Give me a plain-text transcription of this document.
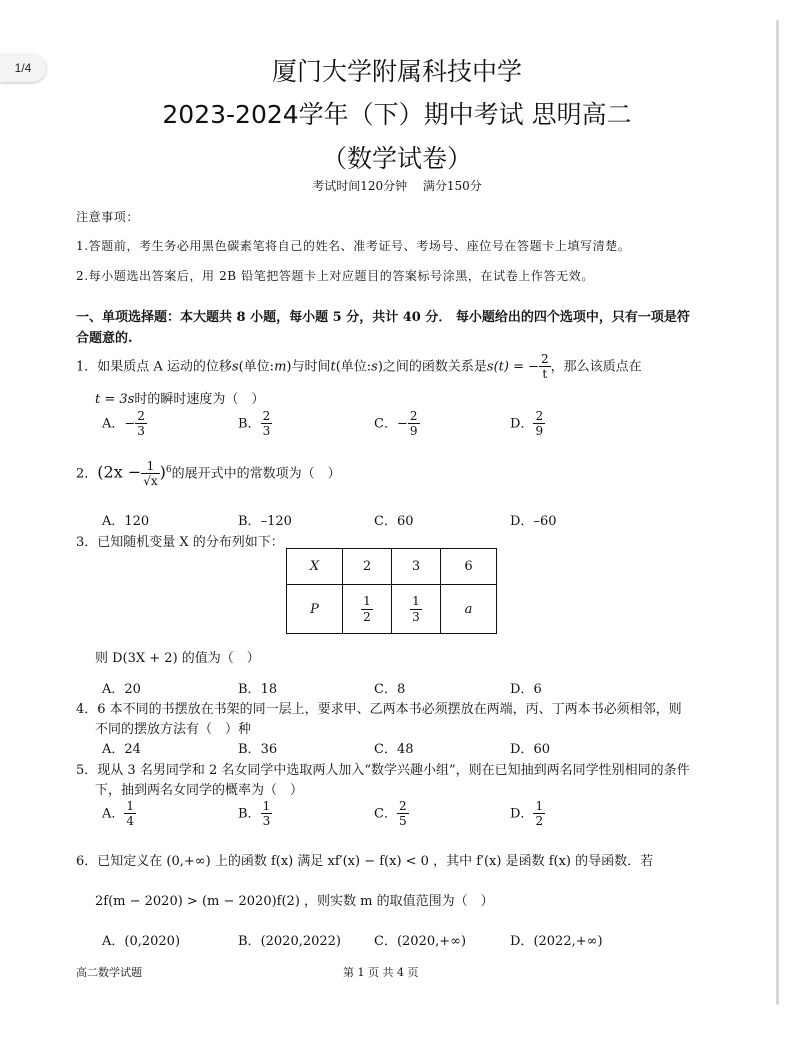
1/4	厦门大学附属科技中学
2023-2024学年（下）期中考试 思明高二
（数学试卷）
考试时间120分钟　 满分150分
注意事项：
1.答题前，考生务必用黑色碳素笔将自己的姓名、准考证号、考场号、座位号在答题卡上填写清楚。
2.每小题选出答案后，用 2B 铅笔把答题卡上对应题目的答案标号涂黑，在试卷上作答无效。
一、单项选择题：本大题共 8 小题，每小题 5 分，共计 40 分． 每小题给出的四个选项中，只有一项是符
合题意的.
1．如果质点 A 运动的位移s(单位:m)与时间t(单位:s)之间的函数关系是s(t) = − $\frac{2}{t}$ ，那么该质点在
t = 3s时的瞬时速度为（　）
A．− $\frac{2}{3}$	B． $\frac{2}{3}$	C．− $\frac{2}{9}$	D． $\frac{2}{9}$
2．$(2x - \frac{1}{√x} )^6$的展开式中的常数项为（　）
A．120	B．–120	C．60	D．–60
3．已知随机变量 X 的分布列如下：
X	2	3	6
P	$\frac{1}{2}$	$\frac{1}{3}$	a
则 D(3X + 2) 的值为（　）
A．20	B．18	C．8	D．6
4．6 本不同的书摆放在书架的同一层上，要求甲、乙两本书必须摆放在两端，丙、丁两本书必须相邻，则
不同的摆放方法有（　）种
A．24	B．36	C．48	D．60
5．现从 3 名男同学和 2 名女同学中选取两人加入“数学兴趣小组”，则在已知抽到两名同学性别相同的条件
下，抽到两名女同学的概率为（　）
A． $\frac{1}{4}$	B． $\frac{1}{3}$	C． $\frac{2}{5}$	D． $\frac{1}{2}$
6．已知定义在 (0,+∞) 上的函数 f(x) 满足 xf′(x) − f(x) < 0 ，其中 f′(x) 是函数 f(x) 的导函数．若
2f(m − 2020) > (m − 2020)f(2) ，则实数 m 的取值范围为（　）
A．(0,2020)	B．(2020,2022)	C．(2020,+∞)	D．(2022,+∞)
高二数学试题	第 1 页 共 4 页
